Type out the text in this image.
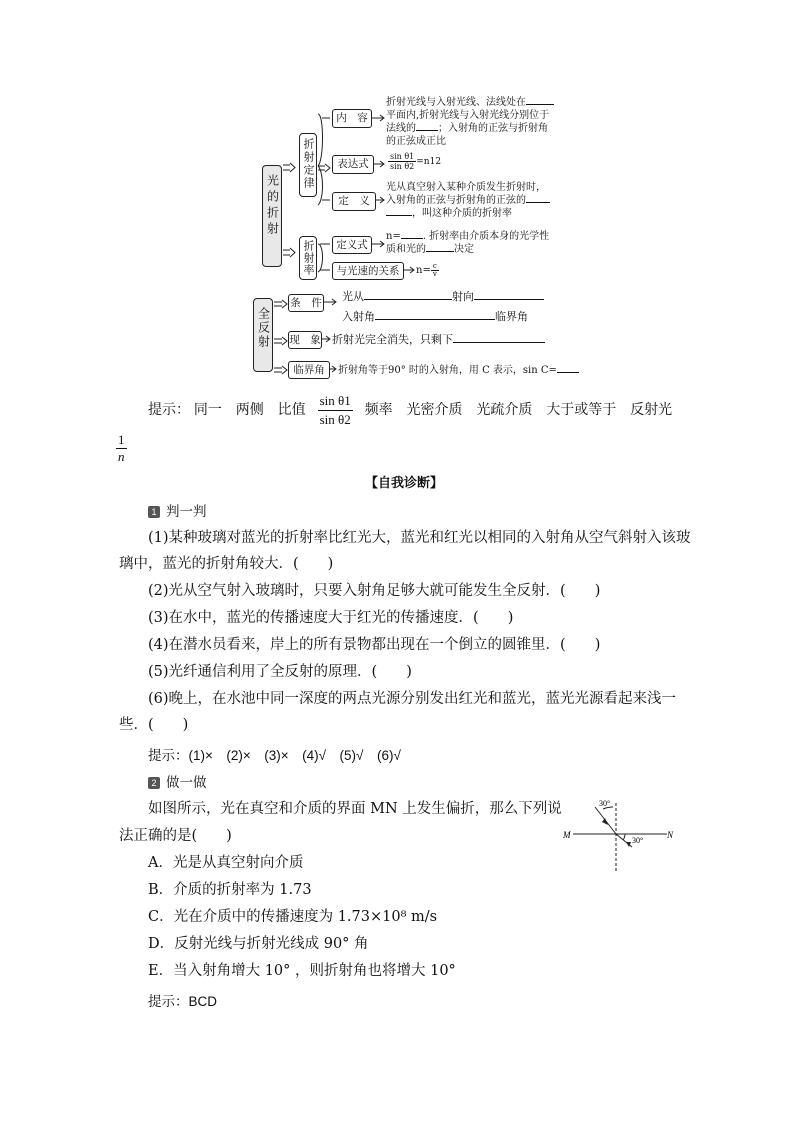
光的折射
折射定律
折射率
全反射
内　容
折射光线与入射光线、法线处在
平面内,折射光线与入射光线分别位于
法线的 ；入射角的正弦与折射角
的正弦成正比
表达式	$\frac{\text{sin θ1}}{\text{sin θ2}} =n12$
定　义
光从真空射入某种介质发生折射时，
入射角的正弦与折射角的正弦的
，叫这种介质的折射率
定义式
n= . 折射率由介质本身的光学性
质和光的	决定
与光速的关系	$n= \frac{c}{v}$
条　件 光从	射向
入射角	临界角
现　象 折射光完全消失，只剩下
临界角	折射角等于90° 时的入射角，用 C 表示，sin C=
提示： 同一 两侧 比值 $\frac{\text{sin θ1}}{\text{sin θ2}}$ 频率 光密介质 光疏介质 大于或等于 反射光
$\frac{1}{n}$
【自我诊断】
1 判一判
(1)某种玻璃对蓝光的折射率比红光大，蓝光和红光以相同的入射角从空气斜射入该玻
璃中，蓝光的折射角较大．(　　)
(2)光从空气射入玻璃时，只要入射角足够大就可能发生全反射．(　　)
(3)在水中，蓝光的传播速度大于红光的传播速度．(　　)
(4)在潜水员看来，岸上的所有景物都出现在一个倒立的圆锥里．(　　)
(5)光纤通信利用了全反射的原理．(　　)
(6)晚上，在水池中同一深度的两点光源分别发出红光和蓝光，蓝光光源看起来浅一
些．(　　)
提示：(1)×　(2)×　(3)×　(4)√　(5)√　(6)√
2 做一做
如图所示，光在真空和介质的界面 MN 上发生偏折，那么下列说
法正确的是(　　)
A．光是从真空射向介质
B．介质的折射率为 1.73
C．光在介质中的传播速度为 1.73×10⁸ m/s
D．反射光线与折射光线成 90° 角
E．当入射角增大 10° ，则折射角也将增大 10°
提示：BCD
M	N
30°
30°
